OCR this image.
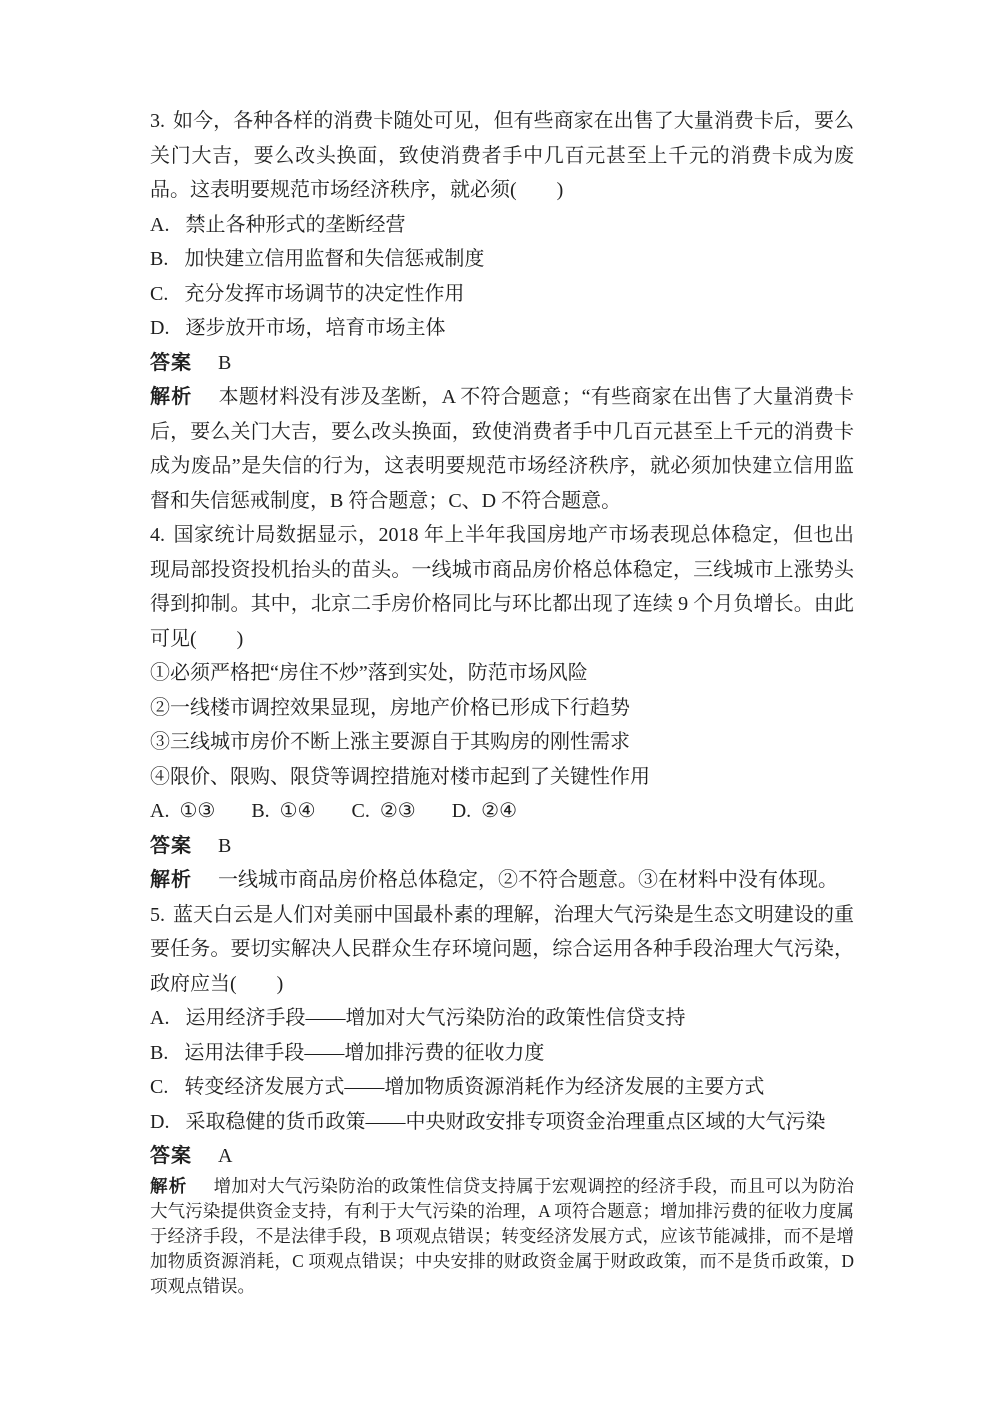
3. 如今，各种各样的消费卡随处可见，但有些商家在出售了大量消费卡后，要么关门大吉，要么改头换面，致使消费者手中几百元甚至上千元的消费卡成为废品。这表明要规范市场经济秩序，就必须(　　)

A. 禁止各种形式的垄断经营

B. 加快建立信用监督和失信惩戒制度

C. 充分发挥市场调节的决定性作用

D. 逐步放开市场，培育市场主体

答案 B

解析 本题材料没有涉及垄断，A 不符合题意；“有些商家在出售了大量消费卡后，要么关门大吉，要么改头换面，致使消费者手中几百元甚至上千元的消费卡成为废品”是失信的行为，这表明要规范市场经济秩序，就必须加快建立信用监督和失信惩戒制度，B 符合题意；C、D 不符合题意。

4. 国家统计局数据显示，2018 年上半年我国房地产市场表现总体稳定，但也出现局部投资投机抬头的苗头。一线城市商品房价格总体稳定，三线城市上涨势头得到抑制。其中，北京二手房价格同比与环比都出现了连续 9 个月负增长。由此可见(　　)

①必须严格把“房住不炒”落到实处，防范市场风险

②一线楼市调控效果显现，房地产价格已形成下行趋势

③三线城市房价不断上涨主要源自于其购房的刚性需求

④限价、限购、限贷等调控措施对楼市起到了关键性作用

A. ①③ B. ①④ C. ②③ D. ②④

答案 B

解析 一线城市商品房价格总体稳定，②不符合题意。③在材料中没有体现。

5. 蓝天白云是人们对美丽中国最朴素的理解，治理大气污染是生态文明建设的重要任务。要切实解决人民群众生存环境问题，综合运用各种手段治理大气污染，政府应当(　　)

A. 运用经济手段——增加对大气污染防治的政策性信贷支持

B. 运用法律手段——增加排污费的征收力度

C. 转变经济发展方式——增加物质资源消耗作为经济发展的主要方式

D. 采取稳健的货币政策——中央财政安排专项资金治理重点区域的大气污染

答案 A

解析 增加对大气污染防治的政策性信贷支持属于宏观调控的经济手段，而且可以为防治大气污染提供资金支持，有利于大气污染的治理，A 项符合题意；增加排污费的征收力度属于经济手段，不是法律手段，B 项观点错误；转变经济发展方式，应该节能减排，而不是增加物质资源消耗，C 项观点错误；中央安排的财政资金属于财政政策，而不是货币政策，D 项观点错误。
